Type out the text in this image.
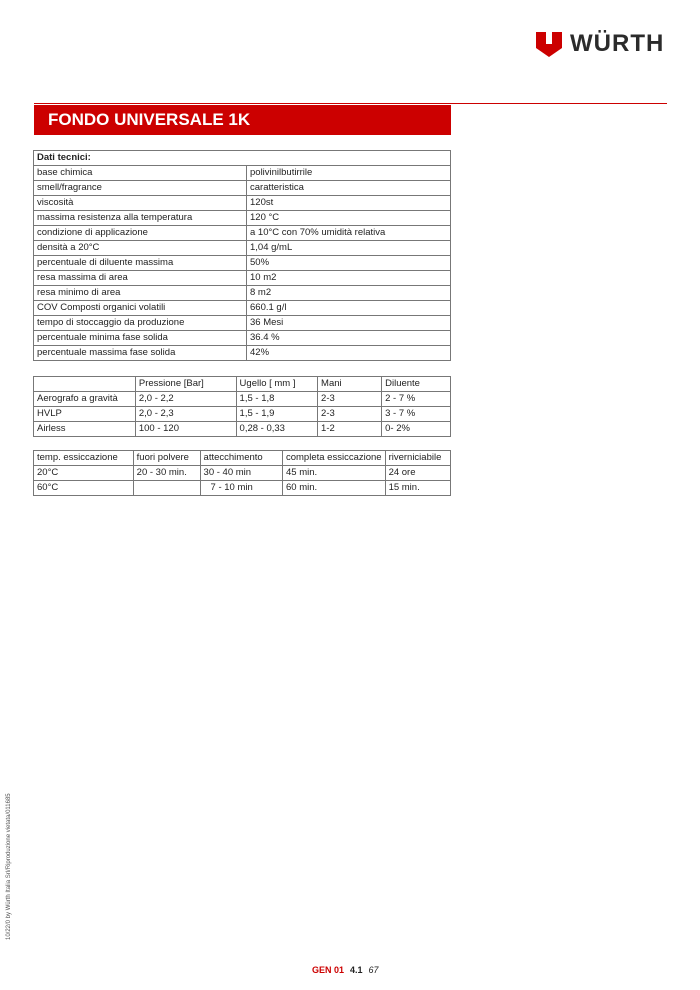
WÜRTH
FONDO UNIVERSALE 1K
Dati tecnici:	
base chimica	polivinilbutirrile
smell/fragrance	caratteristica
viscosità	120st
massima resistenza alla temperatura	120 °C
condizione di applicazione	a 10°C con 70% umidità relativa
densità a 20°C	1,04 g/mL
percentuale di diluente massima	50%
resa massima di area	10 m2
resa minimo di area	8 m2
COV Composti organici volatili	660.1 g/l
tempo di stoccaggio da produzione	36 Mesi
percentuale minima fase solida	36.4 %
percentuale massima fase solida	42%
	Pressione [Bar]	Ugello [ mm ]	Mani	Diluente
Aerografo a gravità	2,0 - 2,2	1,5 - 1,8	2-3	2 - 7 %
HVLP	2,0 - 2,3	1,5 - 1,9	2-3	3 - 7 %
Airless	100 - 120	0,28 - 0,33	1-2	0- 2%
temp. essiccazione	fuori polvere	attecchimento	completa essiccazione	riverniciabile
20°C	20 - 30 min.	30 - 40 min	45 min.	24 ore
60°C		7 - 10 min	60 min.	15 min.
10/22/0 by Würth Italia Srl/Riproduzione vietata/011685
GEN 01 4.1 67
